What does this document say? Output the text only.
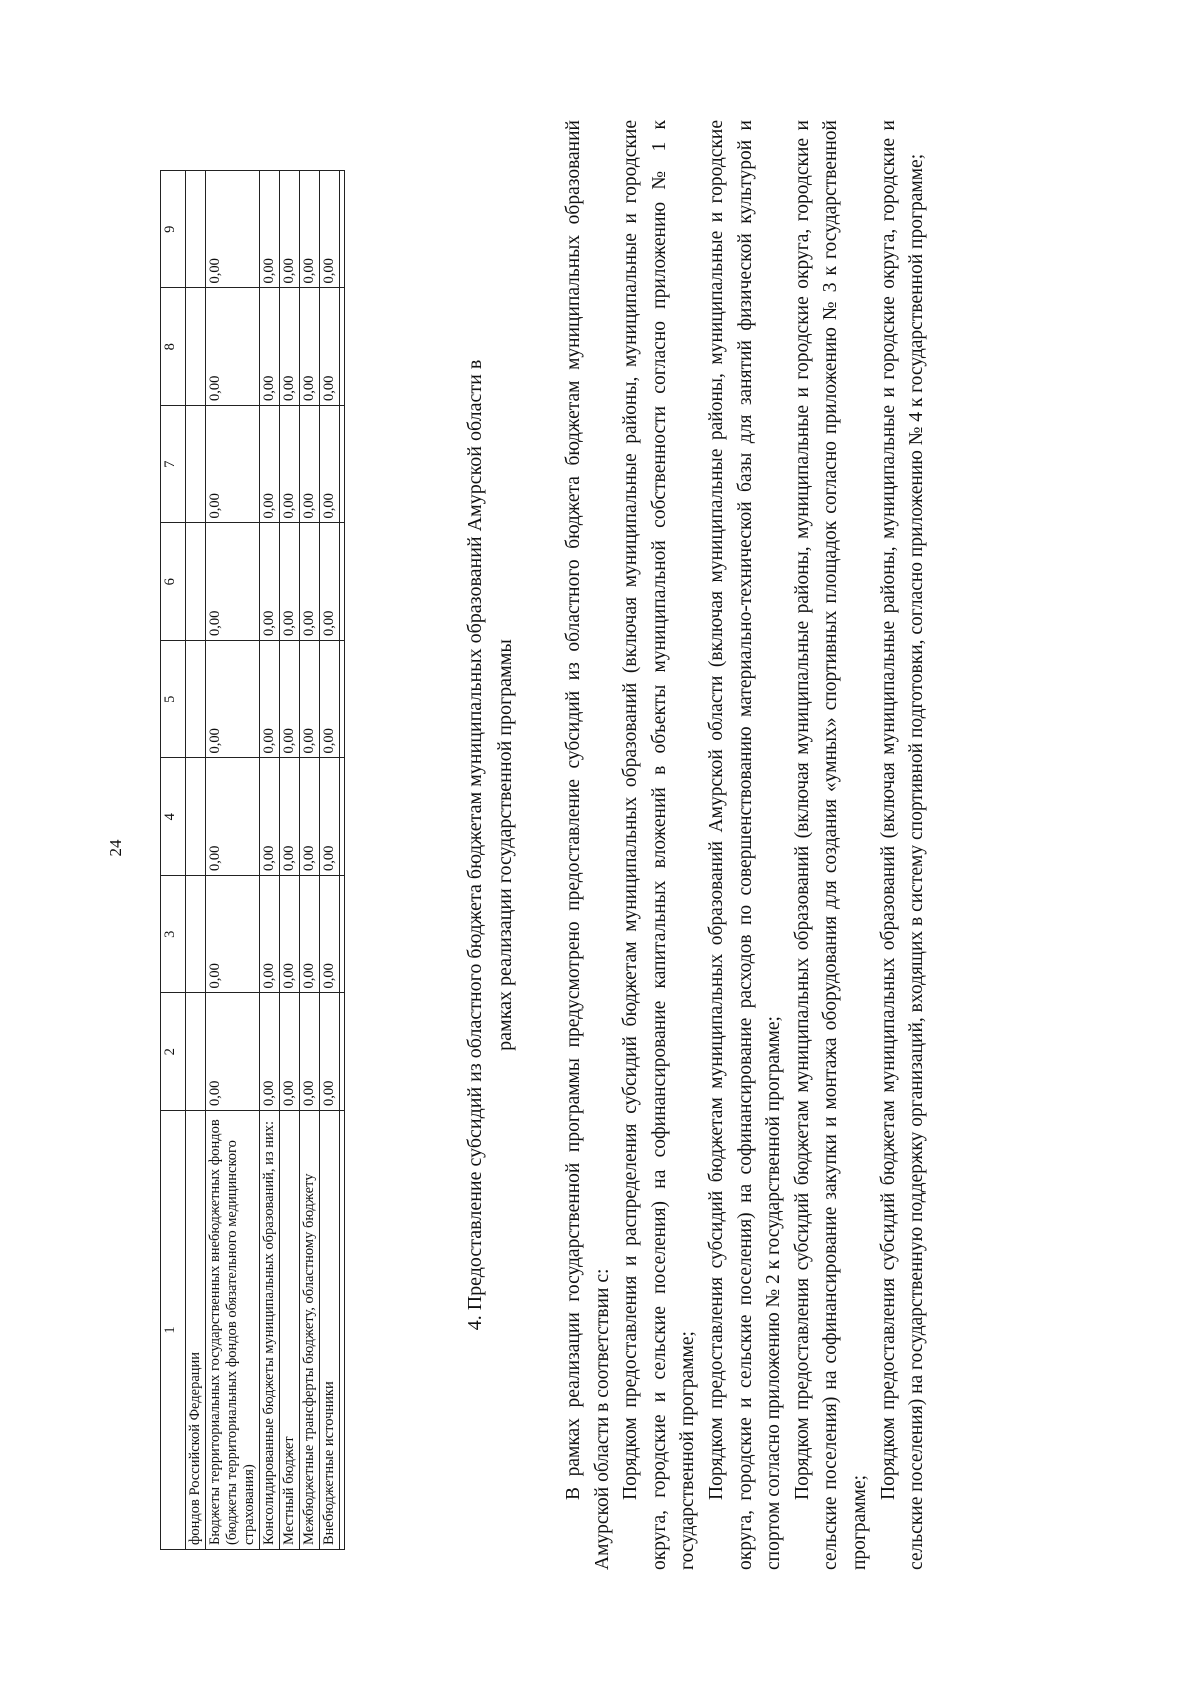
24
1	2	3	4	5	6	7	8	9
фондов Российской Федерации								
Бюджеты территориальных государственных внебюджетных фондов (бюджеты территориальных фондов обязательного медицинского страхования)	0,00	0,00	0,00	0,00	0,00	0,00	0,00	0,00
Консолидированные бюджеты муниципальных образований, из них:	0,00	0,00	0,00	0,00	0,00	0,00	0,00	0,00
Местный бюджет	0,00	0,00	0,00	0,00	0,00	0,00	0,00	0,00
Межбюджетные трансферты бюджету, областному бюджету	0,00	0,00	0,00	0,00	0,00	0,00	0,00	0,00
Внебюджетные источники	0,00	0,00	0,00	0,00	0,00	0,00	0,00	0,00

4. Предоставление субсидий из областного бюджета бюджетам муниципальных образований Амурской области в рамках реализации государственной программы В рамках реализации государственной программы предусмотрено предоставление субсидий из областного бюджета бюджетам муниципальных образований Амурской области в соответствии с: Порядком предоставления и распределения субсидий бюджетам муниципальных образований (включая муниципальные районы, муниципальные и городские округа, городские и сельские поселения) на софинансирование капитальных вложений в объекты муниципальной собственности согласно приложению № 1 к государственной программе; Порядком предоставления субсидий бюджетам муниципальных образований Амурской области (включая муниципальные районы, муниципальные и городские округа, городские и сельские поселения) на софинансирование расходов по совершенствованию материально-технической базы для занятий физической культурой и спортом согласно приложению № 2 к государственной программе; Порядком предоставления субсидий бюджетам муниципальных образований (включая муниципальные районы, муниципальные и городские округа, городские и сельские поселения) на софинансирование закупки и монтажа оборудования для создания «умных» спортивных площадок согласно приложению № 3 к государственной программе;

Порядком предоставления субсидий бюджетам муниципальных образований (включая муниципальные районы, муниципальные и городские округа, городские и сельские поселения) на государственную поддержку организаций, входящих в систему спортивной подготовки, согласно приложению № 4 к государственной программе;
